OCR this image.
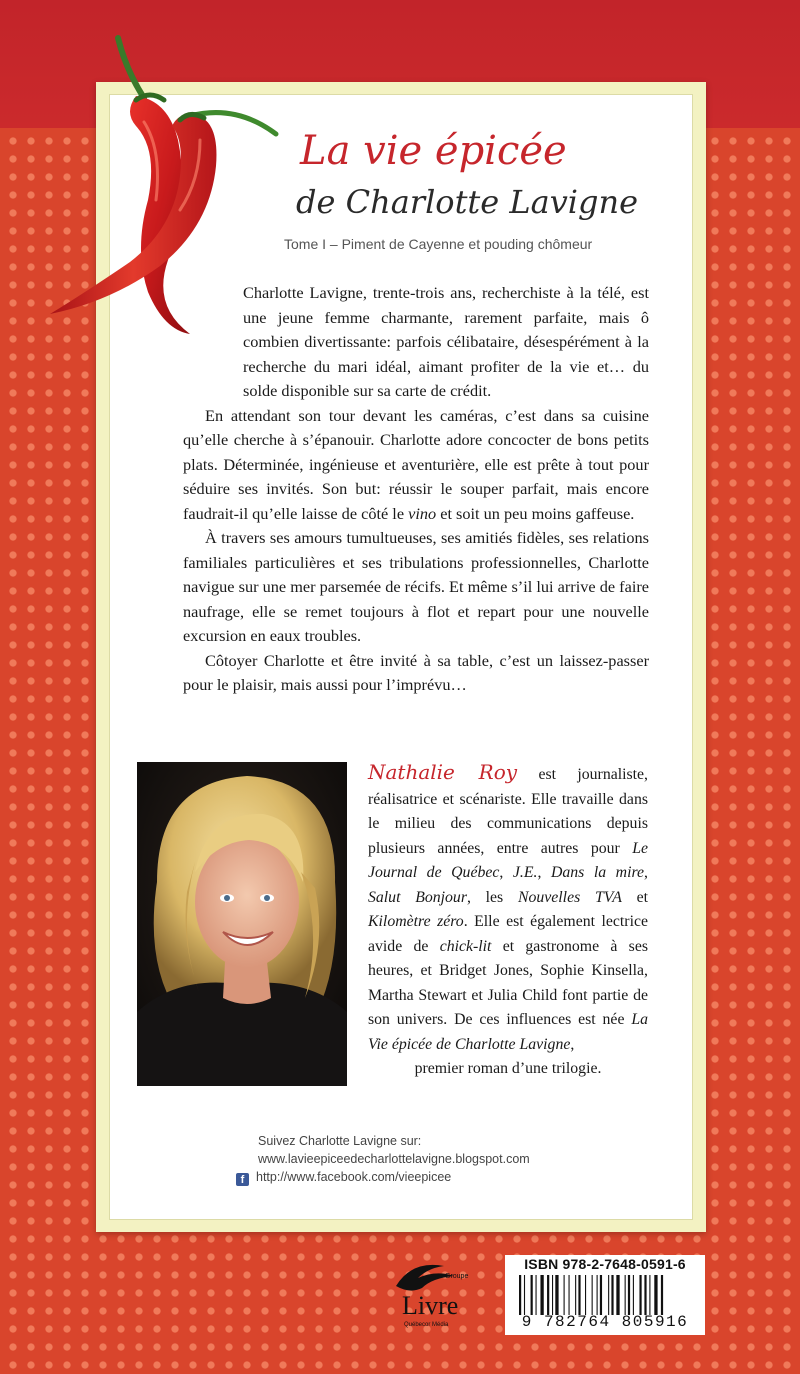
La vie épicée
de Charlotte Lavigne
Tome I – Piment de Cayenne et pouding chômeur

Charlotte Lavigne, trente-trois ans, recherchiste à la télé, est une jeune femme charmante, rarement parfaite, mais ô combien divertissante: parfois célibataire, désespérément à la recherche du mari idéal, aimant profiter de la vie et… du solde disponible sur sa carte de crédit.

En attendant son tour devant les caméras, c’est dans sa cuisine qu’elle cherche à s’épanouir. Charlotte adore concocter de bons petits plats. Déterminée, ingénieuse et aventurière, elle est prête à tout pour séduire ses invités. Son but: réussir le souper parfait, mais encore faudrait-il qu’elle laisse de côté le vino et soit un peu moins gaffeuse.

À travers ses amours tumultueuses, ses amitiés fidèles, ses relations familiales particulières et ses tribulations professionnelles, Charlotte navigue sur une mer parsemée de récifs. Et même s’il lui arrive de faire naufrage, elle se remet toujours à flot et repart pour une nouvelle excursion en eaux troubles.

Côtoyer Charlotte et être invité à sa table, c’est un laissez-passer pour le plaisir, mais aussi pour l’imprévu…

Nathalie Roy est journaliste, réalisatrice et scénariste. Elle travaille dans le milieu des communications depuis plusieurs années, entre autres pour Le Journal de Québec, J.E., Dans la mire, Salut Bonjour, les Nouvelles TVA et Kilomètre zéro. Elle est également lectrice avide de chick-lit et gastronome à ses heures, et Bridget Jones, Sophie Kinsella, Martha Stewart et Julia Child font partie de son univers. De ces influences est née La Vie épicée de Charlotte Lavigne,
premier roman d’une trilogie.
Suivez Charlotte Lavigne sur:
www.lavieepiceedecharlottelavigne.blogspot.com
f http://www.facebook.com/vieepicee
Groupe
Livre
Québecor Média
ISBN 978-2-7648-0591-6
9 782764 805916
